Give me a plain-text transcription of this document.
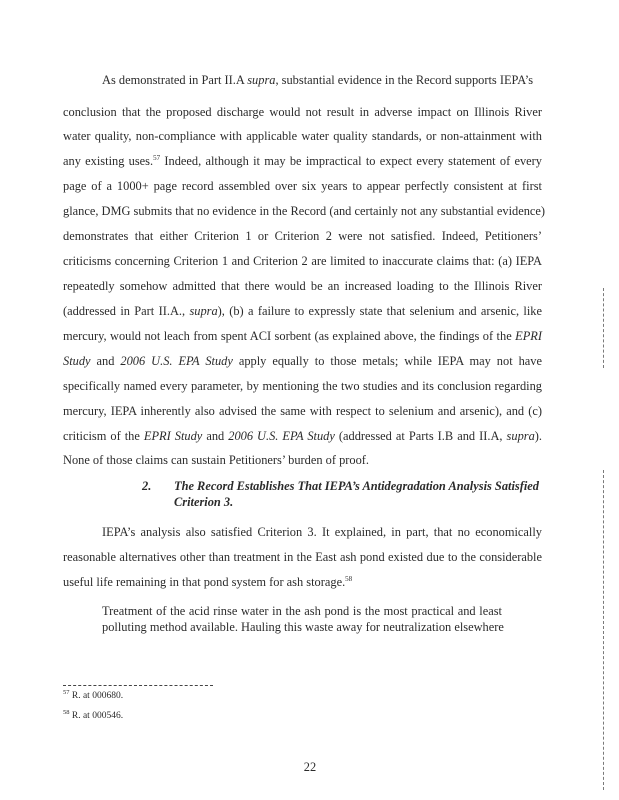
As demonstrated in Part II.A supra, substantial evidence in the Record supports IEPA’s
conclusion that the proposed discharge would not result in adverse impact on Illinois River
water quality, non-compliance with applicable water quality standards, or non-attainment with
any existing uses.$^{57}$ Indeed, although it may be impractical to expect every statement of every
page of a 1000+ page record assembled over six years to appear perfectly consistent at first
glance, DMG submits that no evidence in the Record (and certainly not any substantial evidence)
demonstrates that either Criterion 1 or Criterion 2 were not satisfied. Indeed, Petitioners’
criticisms concerning Criterion 1 and Criterion 2 are limited to inaccurate claims that: (a) IEPA
repeatedly somehow admitted that there would be an increased loading to the Illinois River
(addressed in Part II.A., supra), (b) a failure to expressly state that selenium and arsenic, like
mercury, would not leach from spent ACI sorbent (as explained above, the findings of the EPRI
Study and 2006 U.S. EPA Study apply equally to those metals; while IEPA may not have
specifically named every parameter, by mentioning the two studies and its conclusion regarding
mercury, IEPA inherently also advised the same with respect to selenium and arsenic), and (c)
criticism of the EPRI Study and 2006 U.S. EPA Study (addressed at Parts I.B and II.A, supra).
None of those claims can sustain Petitioners’ burden of proof.
2. The Record Establishes That IEPA’s Antidegradation Analysis Satisfied
Criterion 3.
IEPA’s analysis also satisfied Criterion 3. It explained, in part, that no economically
reasonable alternatives other than treatment in the East ash pond existed due to the considerable
useful life remaining in that pond system for ash storage.$^{58}$
Treatment of the acid rinse water in the ash pond is the most practical and least
polluting method available. Hauling this waste away for neutralization elsewhere
$^{57}$ R. at 000680.
$^{58}$ R. at 000546.
22
